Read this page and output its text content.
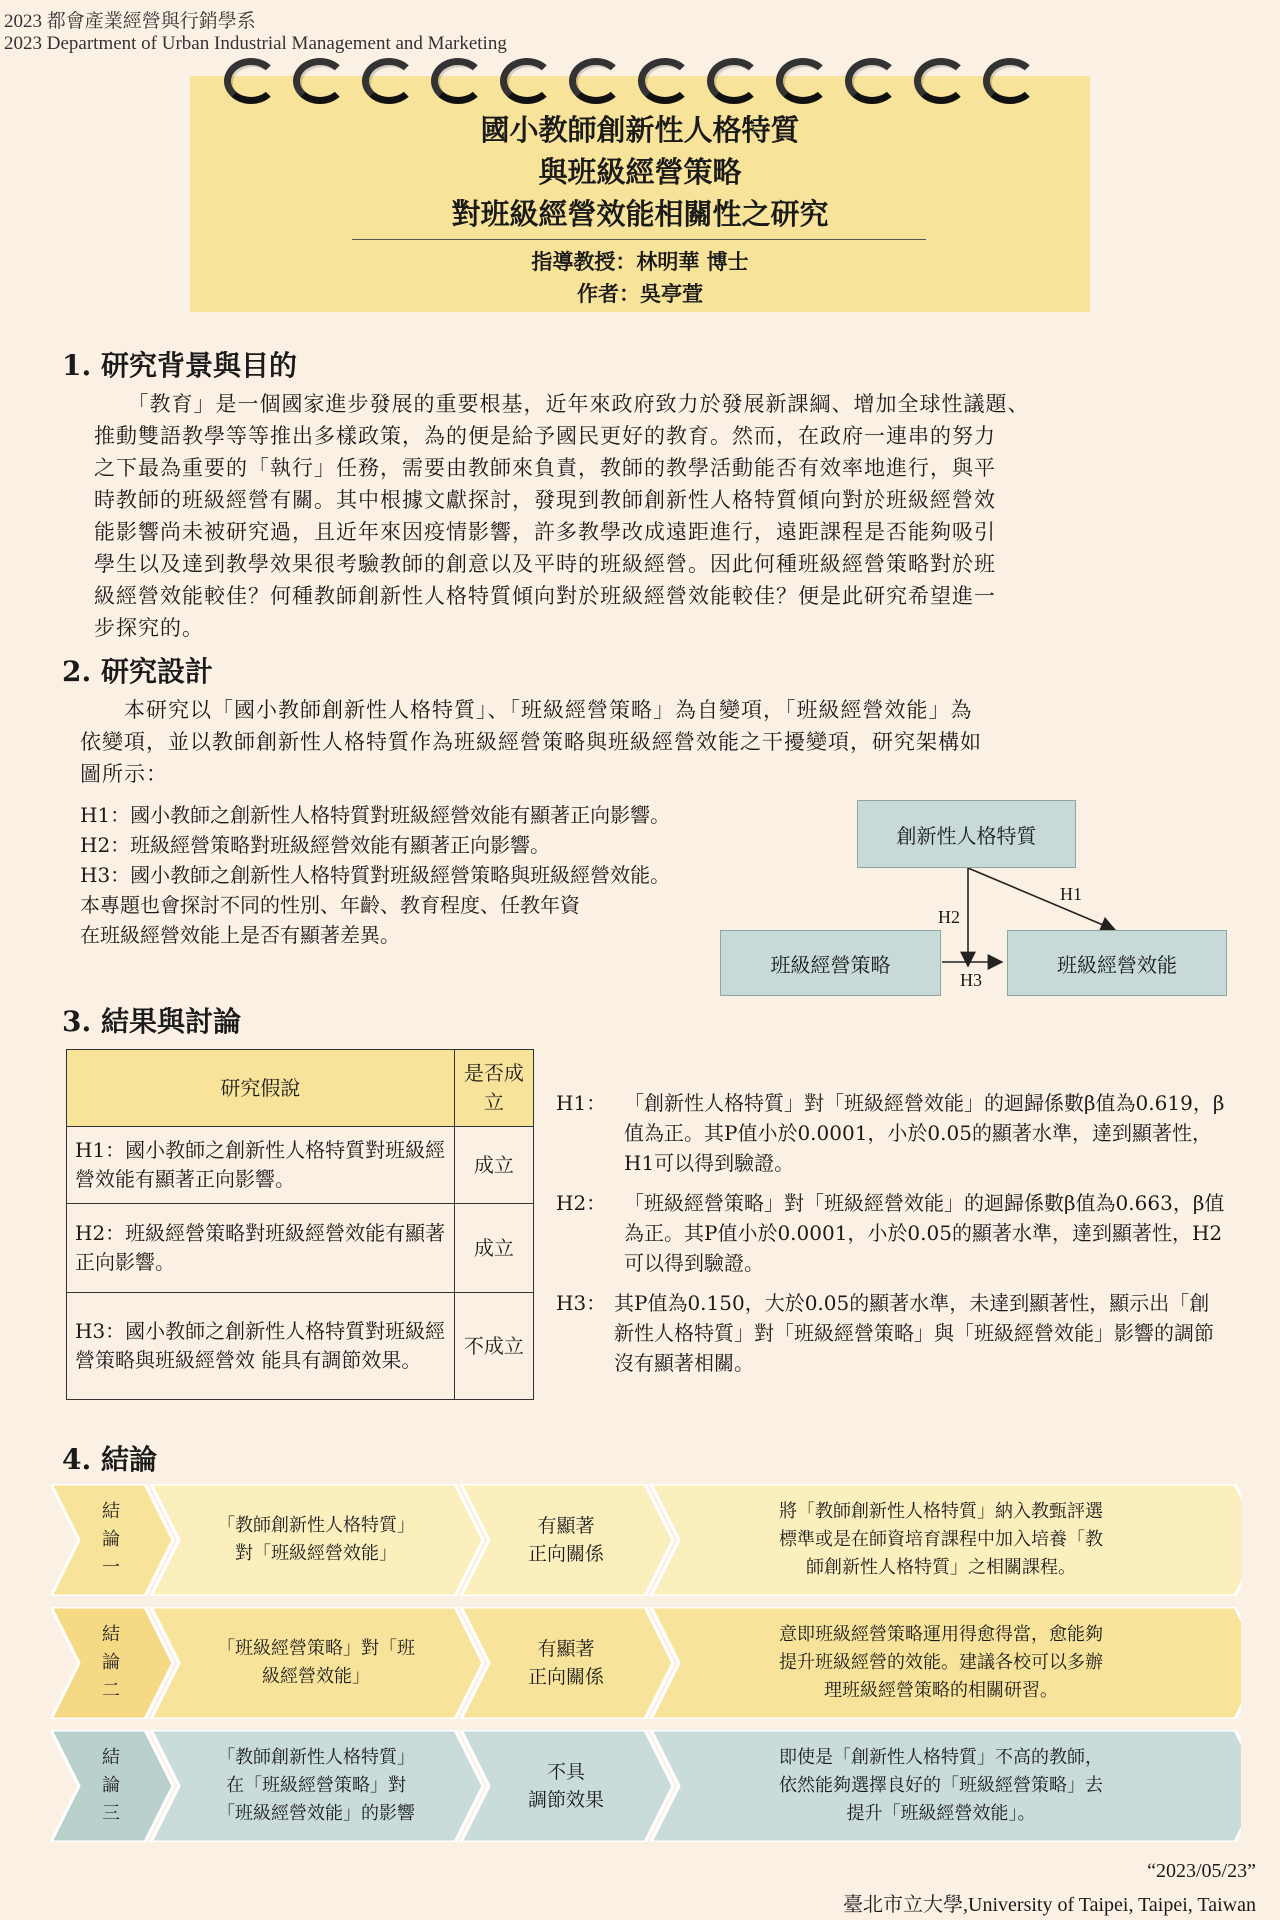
2023 都會產業經營與行銷學系
2023 Department of Urban Industrial Management and Marketing
國小教師創新性人格特質
與班級經營策略
對班級經營效能相關性之研究
指導教授：林明華 博士
作者：吳亭萱
1. 研究背景與目的
　　「教育」是一個國家進步發展的重要根基，近年來政府致力於發展新課綱、增加全球性議題、
推動雙語教學等等推出多樣政策，為的便是給予國民更好的教育。然而，在政府一連串的努力
之下最為重要的「執行」任務，需要由教師來負責，教師的教學活動能否有效率地進行，與平
時教師的班級經營有關。其中根據文獻探討，發現到教師創新性人格特質傾向對於班級經營效
能影響尚未被研究過，且近年來因疫情影響，許多教學改成遠距進行，遠距課程是否能夠吸引
學生以及達到教學效果很考驗教師的創意以及平時的班級經營。因此何種班級經營策略對於班
級經營效能較佳？何種教師創新性人格特質傾向對於班級經營效能較佳？便是此研究希望進一
步探究的。
2. 研究設計
　　本研究以「國小教師創新性人格特質」、「班級經營策略」為自變項，「班級經營效能」為
依變項，並以教師創新性人格特質作為班級經營策略與班級經營效能之干擾變項，研究架構如
圖所示：
H1：國小教師之創新性人格特質對班級經營效能有顯著正向影響。
H2：班級經營策略對班級經營效能有顯著正向影響。
H3：國小教師之創新性人格特質對班級經營策略與班級經營效能。
本專題也會探討不同的性別、年齡、教育程度、任教年資
在班級經營效能上是否有顯著差異。
創新性人格特質
班級經營策略	班級經營效能
H1
H2
H3
3. 結果與討論
研究假說	是否成立
H1：國小教師之創新性人格特質對班級經營效能有顯著正向影響。	成立
H2：班級經營策略對班級經營效能有顯著正向影響。	成立
H3：國小教師之創新性人格特質對班級經營策略與班級經營效 能具有調節效果。	不成立
H1： 「創新性人格特質」對「班級經營效能」的迴歸係數β值為0.619，β值為正。其P值小於0.0001，小於0.05的顯著水準，達到顯著性，H1可以得到驗證。
H2： 「班級經營策略」對「班級經營效能」的迴歸係數β值為0.663，β值為正。其P值小於0.0001，小於0.05的顯著水準，達到顯著性，H2可以得到驗證。
H3： 其P值為0.150，大於0.05的顯著水準，未達到顯著性，顯示出「創新性人格特質」對「班級經營策略」與「班級經營效能」影響的調節沒有顯著相關。
4. 結論
結
論
一
「教師創新性人格特質」
對「班級經營效能」
有顯著
正向關係
將「教師創新性人格特質」納入教甄評選
標準或是在師資培育課程中加入培養「教
師創新性人格特質」之相關課程。
結
論
二
「班級經營策略」對「班
級經營效能」
有顯著
正向關係
意即班級經營策略運用得愈得當，愈能夠
提升班級經營的效能。建議各校可以多辦
理班級經營策略的相關研習。
結
論
三
「教師創新性人格特質」
在「班級經營策略」對
「班級經營效能」的影響
不具
調節效果
即使是「創新性人格特質」不高的教師，
依然能夠選擇良好的「班級經營策略」去
提升「班級經營效能」。
“2023/05/23”
臺北市立大學,University of Taipei, Taipei, Taiwan
